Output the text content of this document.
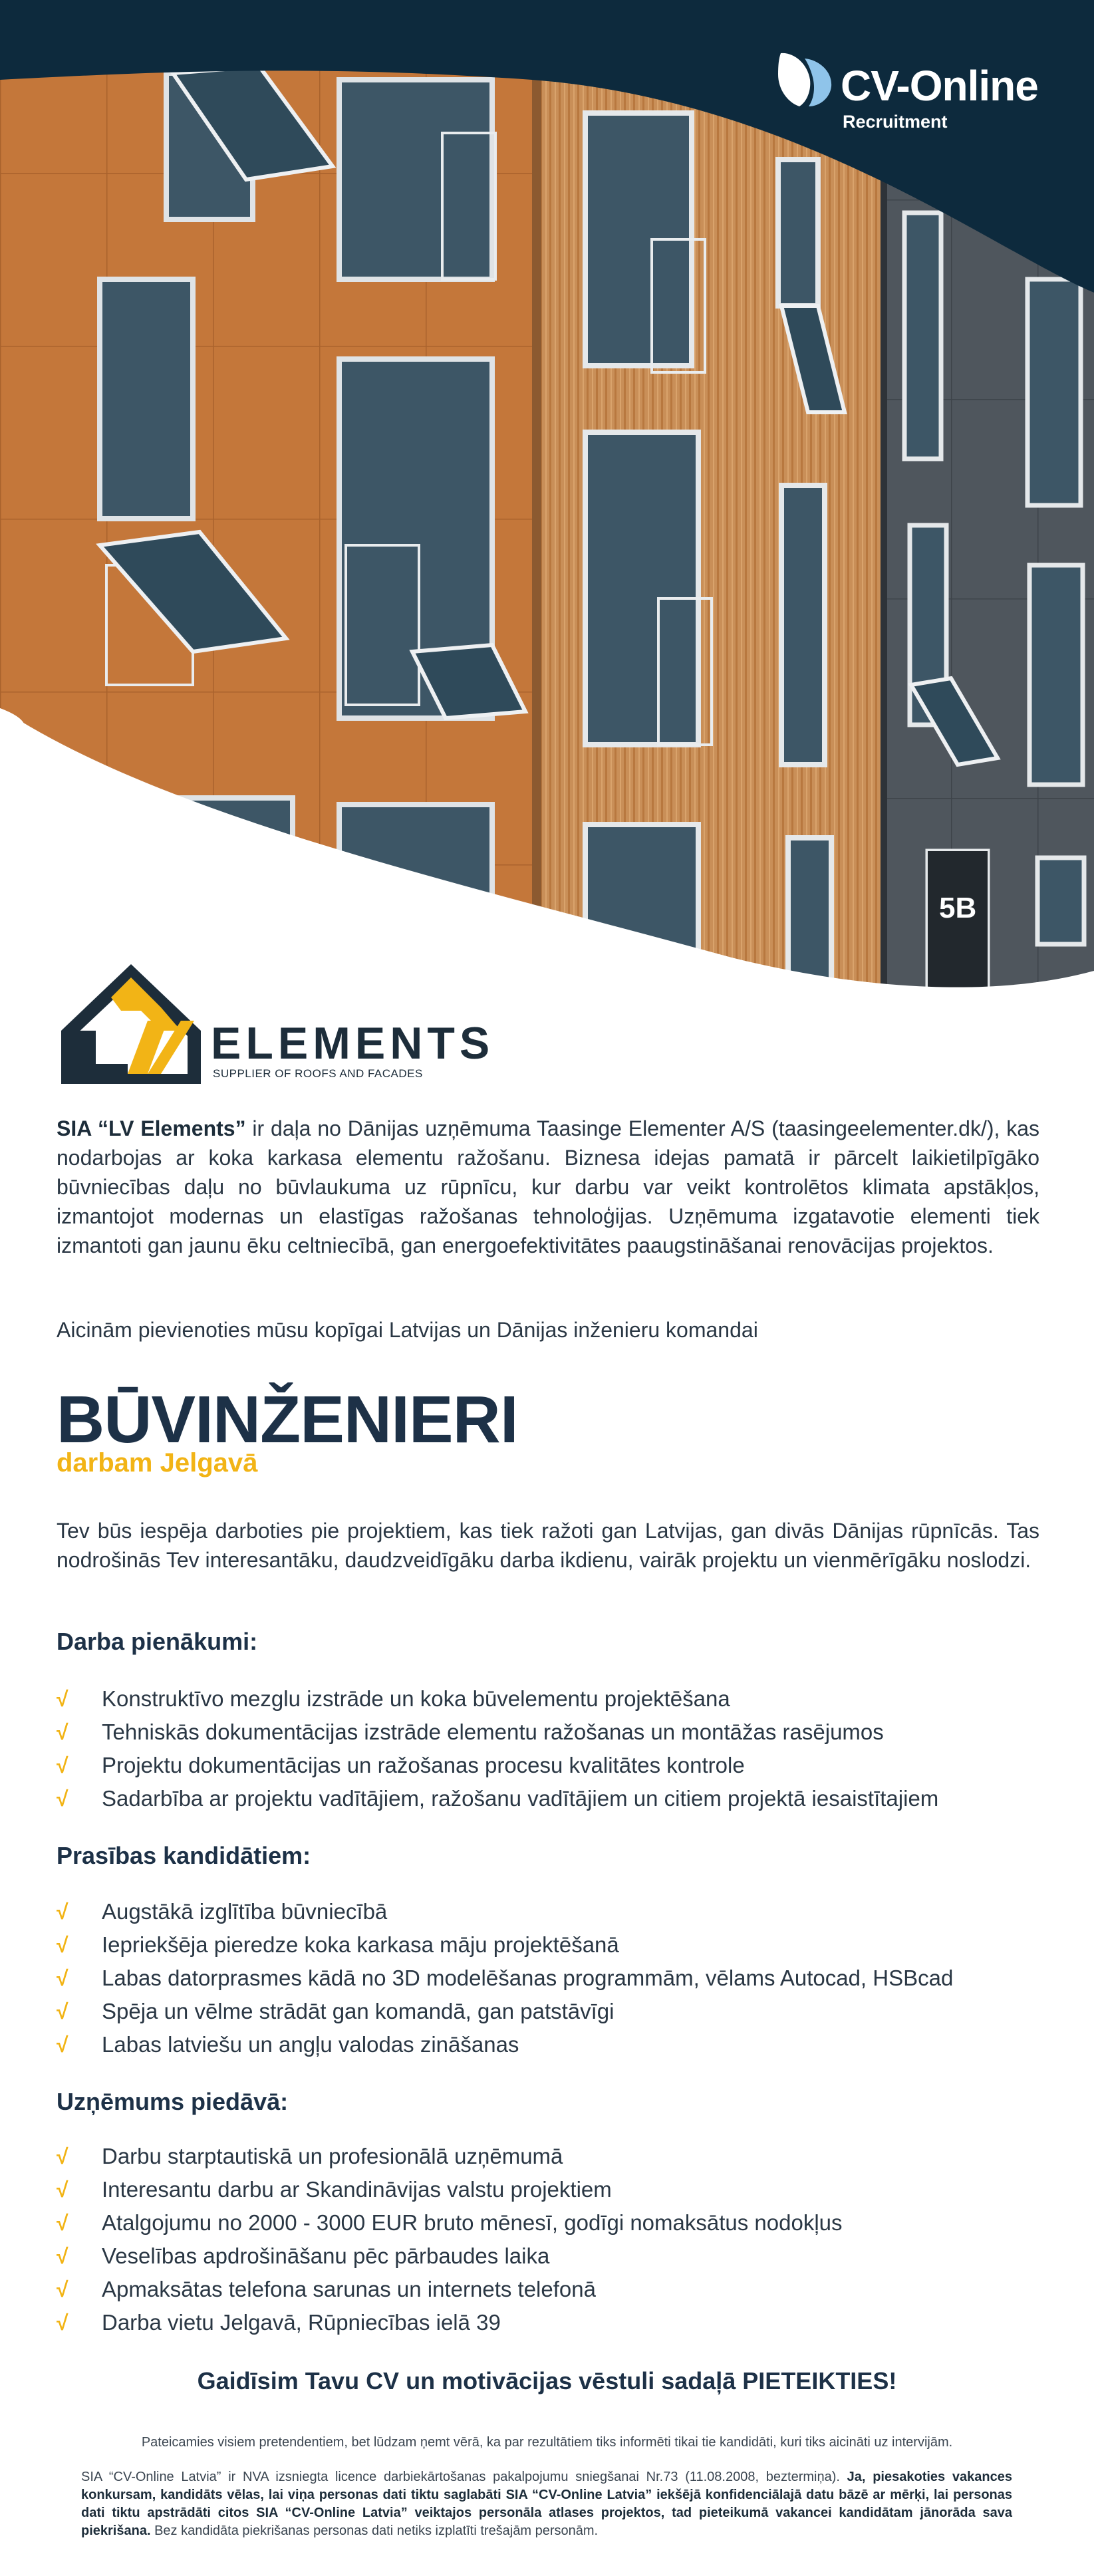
5B
CV-Online
Recruitment
ELEMENTS
SUPPLIER OF ROOFS AND FACADES

SIA “LV Elements” ir daļa no Dānijas uzņēmuma Taasinge Elementer A/S (taasingeelementer.dk/), kas nodarbojas ar koka karkasa elementu ražošanu. Biznesa idejas pamatā ir pārcelt laikietilpīgāko būvniecības daļu no būvlaukuma uz rūpnīcu, kur darbu var veikt kontrolētos klimata apstākļos, izmantojot modernas un elastīgas ražošanas tehnoloģijas. Uzņēmuma izgatavotie elementi tiek izmantoti gan jaunu ēku celtniecībā, gan energoefektivitātes paaugstināšanai renovācijas projektos.

Aicinām pievienoties mūsu kopīgai Latvijas un Dānijas inženieru komandai

BŪVINŽENIERI
darbam Jelgavā

Tev būs iespēja darboties pie projektiem, kas tiek ražoti gan Latvijas, gan divās Dānijas rūpnīcās. Tas nodrošinās Tev interesantāku, daudzveidīgāku darba ikdienu, vairāk projektu un vienmērīgāku noslodzi.

Darba pienākumi:
√ Konstruktīvo mezglu izstrāde un koka būvelementu projektēšana
√ Tehniskās dokumentācijas izstrāde elementu ražošanas un montāžas rasējumos
√ Projektu dokumentācijas un ražošanas procesu kvalitātes kontrole
√ Sadarbība ar projektu vadītājiem, ražošanu vadītājiem un citiem projektā iesaistītajiem
Prasības kandidātiem:
√ Augstākā izglītība būvniecībā
√ Iepriekšēja pieredze koka karkasa māju projektēšanā
√ Labas datorprasmes kādā no 3D modelēšanas programmām, vēlams Autocad, HSBcad
√ Spēja un vēlme strādāt gan komandā, gan patstāvīgi
√ Labas latviešu un angļu valodas zināšanas
Uzņēmums piedāvā:
√ Darbu starptautiskā un profesionālā uzņēmumā
√ Interesantu darbu ar Skandināvijas valstu projektiem
√ Atalgojumu no 2000 - 3000 EUR bruto mēnesī, godīgi nomaksātus nodokļus
√ Veselības apdrošināšanu pēc pārbaudes laika
√ Apmaksātas telefona sarunas un internets telefonā
√ Darba vietu Jelgavā, Rūpniecības ielā 39
Gaidīsim Tavu CV un motivācijas vēstuli sadaļā PIETEIKTIES!
Pateicamies visiem pretendentiem, bet lūdzam ņemt vērā, ka par rezultātiem tiks informēti tikai tie kandidāti, kuri tiks aicināti uz intervijām.
SIA “CV-Online Latvia” ir NVA izsniegta licence darbiekārtošanas pakalpojumu sniegšanai Nr.73 (11.08.2008, beztermiņa). Ja, piesakoties vakances konkursam, kandidāts vēlas, lai viņa personas dati tiktu saglabāti SIA “CV-Online Latvia” iekšējā konfidenciālajā datu bāzē ar mērķi, lai personas dati tiktu apstrādāti citos SIA “CV-Online Latvia” veiktajos personāla atlases projektos, tad pieteikumā vakancei kandidātam jānorāda sava piekrišana. Bez kandidāta piekrišanas personas dati netiks izplatīti trešajām personām.
